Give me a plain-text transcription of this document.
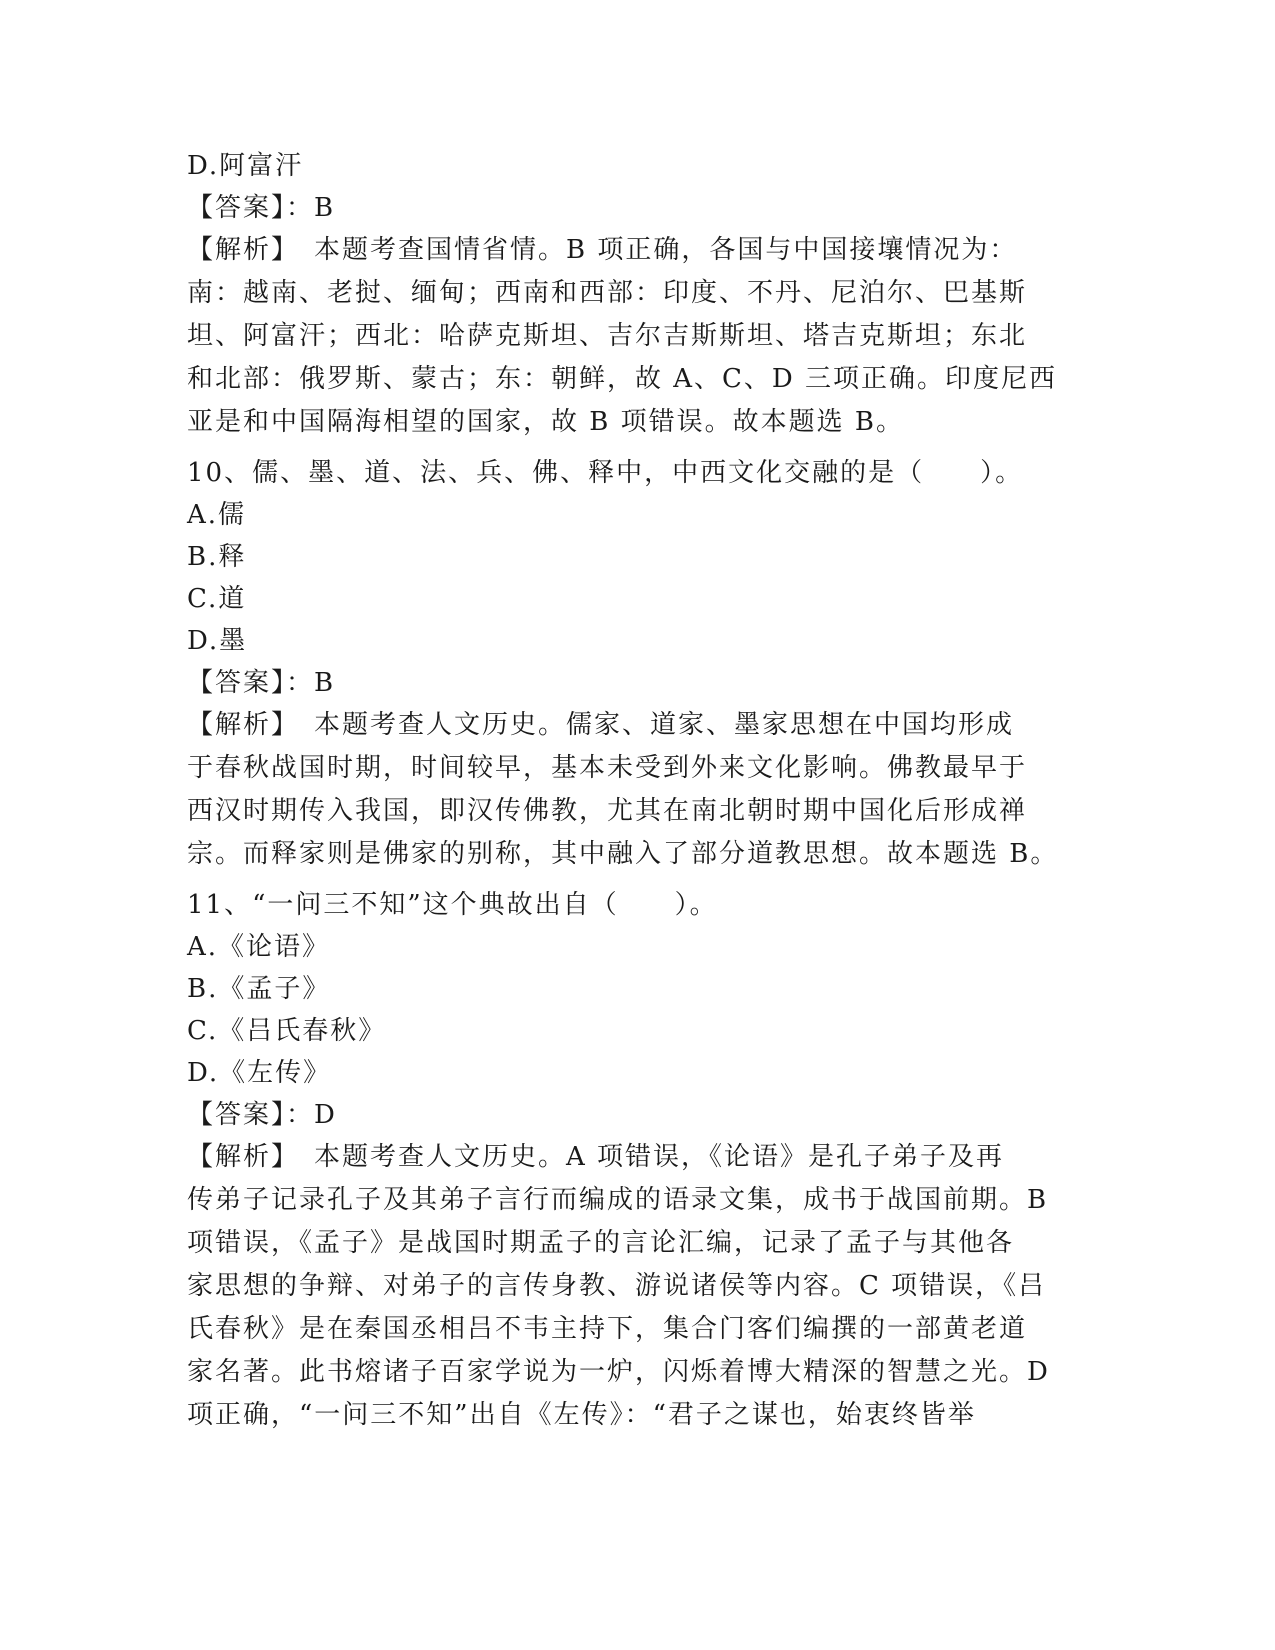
D.阿富汗
【答案】：B
【解析】　本题考查国情省情。B 项正确，各国与中国接壤情况为：
南：越南、老挝、缅甸；西南和西部：印度、不丹、尼泊尔、巴基斯
坦、阿富汗；西北：哈萨克斯坦、吉尔吉斯斯坦、塔吉克斯坦；东北
和北部：俄罗斯、蒙古；东：朝鲜，故 A、C、D 三项正确。印度尼西
亚是和中国隔海相望的国家，故 B 项错误。故本题选 B。
10、儒、墨、道、法、兵、佛、释中，中西文化交融的是（　　）。
A.儒
B.释
C.道
D.墨
【答案】：B
【解析】　本题考查人文历史。儒家、道家、墨家思想在中国均形成
于春秋战国时期，时间较早，基本未受到外来文化影响。佛教最早于
西汉时期传入我国，即汉传佛教，尤其在南北朝时期中国化后形成禅
宗。而释家则是佛家的别称，其中融入了部分道教思想。故本题选 B。
11、“一问三不知”这个典故出自（　　）。
A.《论语》
B.《孟子》
C.《吕氏春秋》
D.《左传》
【答案】：D
【解析】　本题考查人文历史。A 项错误，《论语》是孔子弟子及再
传弟子记录孔子及其弟子言行而编成的语录文集，成书于战国前期。B
项错误，《孟子》是战国时期孟子的言论汇编，记录了孟子与其他各
家思想的争辩、对弟子的言传身教、游说诸侯等内容。C 项错误，《吕
氏春秋》是在秦国丞相吕不韦主持下，集合门客们编撰的一部黄老道
家名著。此书熔诸子百家学说为一炉，闪烁着博大精深的智慧之光。D
项正确，“一问三不知”出自《左传》：“君子之谋也，始衷终皆举
